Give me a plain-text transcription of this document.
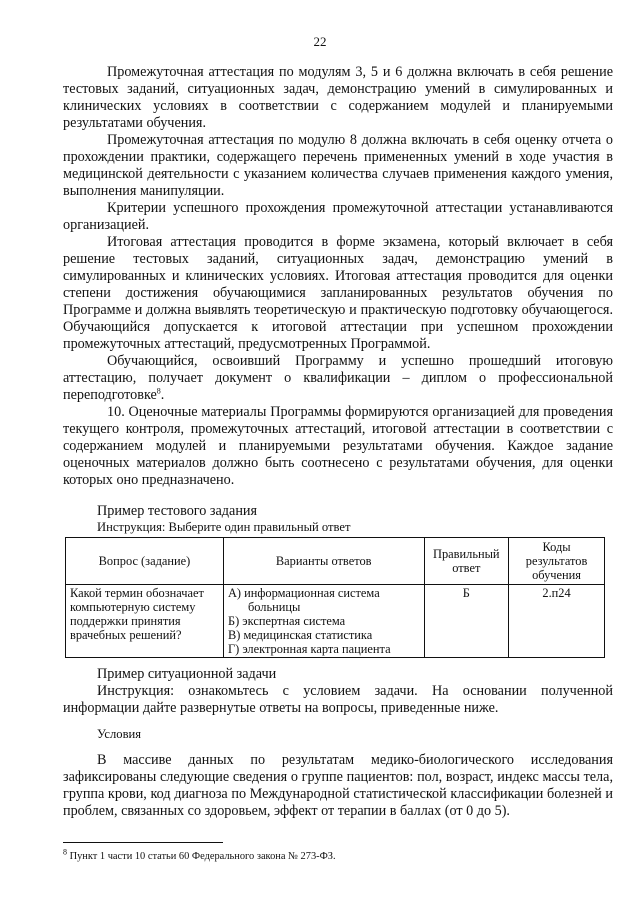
22

Промежуточная аттестация по модулям 3, 5 и 6 должна включать в себя решение тестовых заданий, ситуационных задач, демонстрацию умений в симулированных и клинических условиях в соответствии с содержанием модулей и планируемыми результатами обучения.

Промежуточная аттестация по модулю 8 должна включать в себя оценку отчета о прохождении практики, содержащего перечень примененных умений в ходе участия в медицинской деятельности с указанием количества случаев применения каждого умения, выполнения манипуляции.

Критерии успешного прохождения промежуточной аттестации устанавливаются организацией.

Итоговая аттестация проводится в форме экзамена, который включает в себя решение тестовых заданий, ситуационных задач, демонстрацию умений в симулированных и клинических условиях. Итоговая аттестация проводится для оценки степени достижения обучающимися запланированных результатов обучения по Программе и должна выявлять теоретическую и практическую подготовку обучающегося. Обучающийся допускается к итоговой аттестации при успешном прохождении промежуточных аттестаций, предусмотренных Программой.

Обучающийся, освоивший Программу и успешно прошедший итоговую аттестацию, получает документ о квалификации – диплом о профессиональной переподготовке$^8$.

10. Оценочные материалы Программы формируются организацией для проведения текущего контроля, промежуточных аттестаций, итоговой аттестации в соответствии с содержанием модулей и планируемыми результатами обучения. Каждое задание оценочных материалов должно быть соотнесено с результатами обучения, для оценки которых оно предназначено.

Пример тестового задания
Инструкция: Выберите один правильный ответ
Вопрос (задание)	Варианты ответов	Правильный ответ	Коды результатов обучения
Какой термин обозначает компьютерную систему поддержки принятия врачебных решений?	А) информационная система
больницы
Б) экспертная система
В) медицинская статистика
Г) электронная карта пациента	Б	2.п24
Пример ситуационной задачи

Инструкция: ознакомьтесь с условием задачи. На основании полученной информации дайте развернутые ответы на вопросы, приведенные ниже.

Условия

В массиве данных по результатам медико-биологического исследования зафиксированы следующие сведения о группе пациентов: пол, возраст, индекс массы тела, группа крови, код диагноза по Международной статистической классификации болезней и проблем, связанных со здоровьем, эффект от терапии в баллах (от 0 до 5).

$^8$ Пункт 1 части 10 статьи 60 Федерального закона № 273-ФЗ.
